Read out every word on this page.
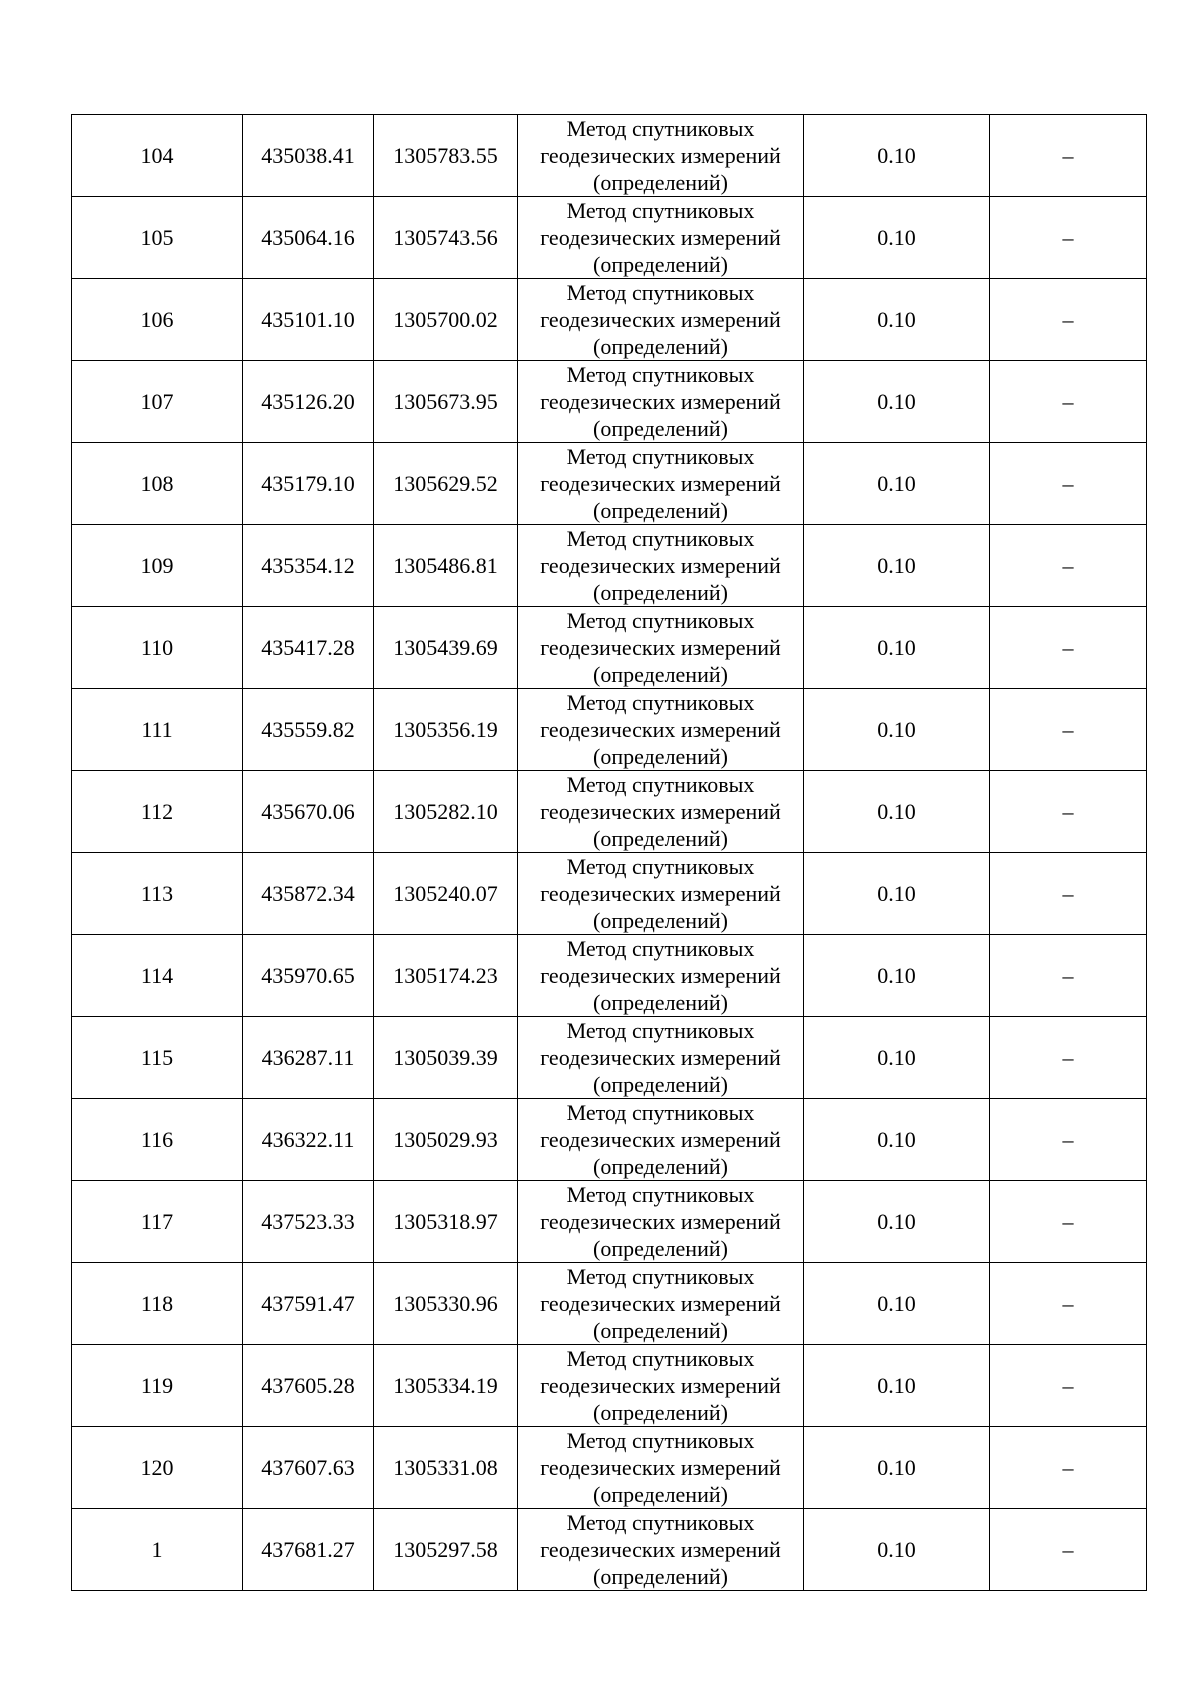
104	435038.41	1305783.55	Метод спутниковых
геодезических измерений
(определений)	0.10	–
105	435064.16	1305743.56	Метод спутниковых
геодезических измерений
(определений)	0.10	–
106	435101.10	1305700.02	Метод спутниковых
геодезических измерений
(определений)	0.10	–
107	435126.20	1305673.95	Метод спутниковых
геодезических измерений
(определений)	0.10	–
108	435179.10	1305629.52	Метод спутниковых
геодезических измерений
(определений)	0.10	–
109	435354.12	1305486.81	Метод спутниковых
геодезических измерений
(определений)	0.10	–
110	435417.28	1305439.69	Метод спутниковых
геодезических измерений
(определений)	0.10	–
111	435559.82	1305356.19	Метод спутниковых
геодезических измерений
(определений)	0.10	–
112	435670.06	1305282.10	Метод спутниковых
геодезических измерений
(определений)	0.10	–
113	435872.34	1305240.07	Метод спутниковых
геодезических измерений
(определений)	0.10	–
114	435970.65	1305174.23	Метод спутниковых
геодезических измерений
(определений)	0.10	–
115	436287.11	1305039.39	Метод спутниковых
геодезических измерений
(определений)	0.10	–
116	436322.11	1305029.93	Метод спутниковых
геодезических измерений
(определений)	0.10	–
117	437523.33	1305318.97	Метод спутниковых
геодезических измерений
(определений)	0.10	–
118	437591.47	1305330.96	Метод спутниковых
геодезических измерений
(определений)	0.10	–
119	437605.28	1305334.19	Метод спутниковых
геодезических измерений
(определений)	0.10	–
120	437607.63	1305331.08	Метод спутниковых
геодезических измерений
(определений)	0.10	–
1	437681.27	1305297.58	Метод спутниковых
геодезических измерений
(определений)	0.10	–
